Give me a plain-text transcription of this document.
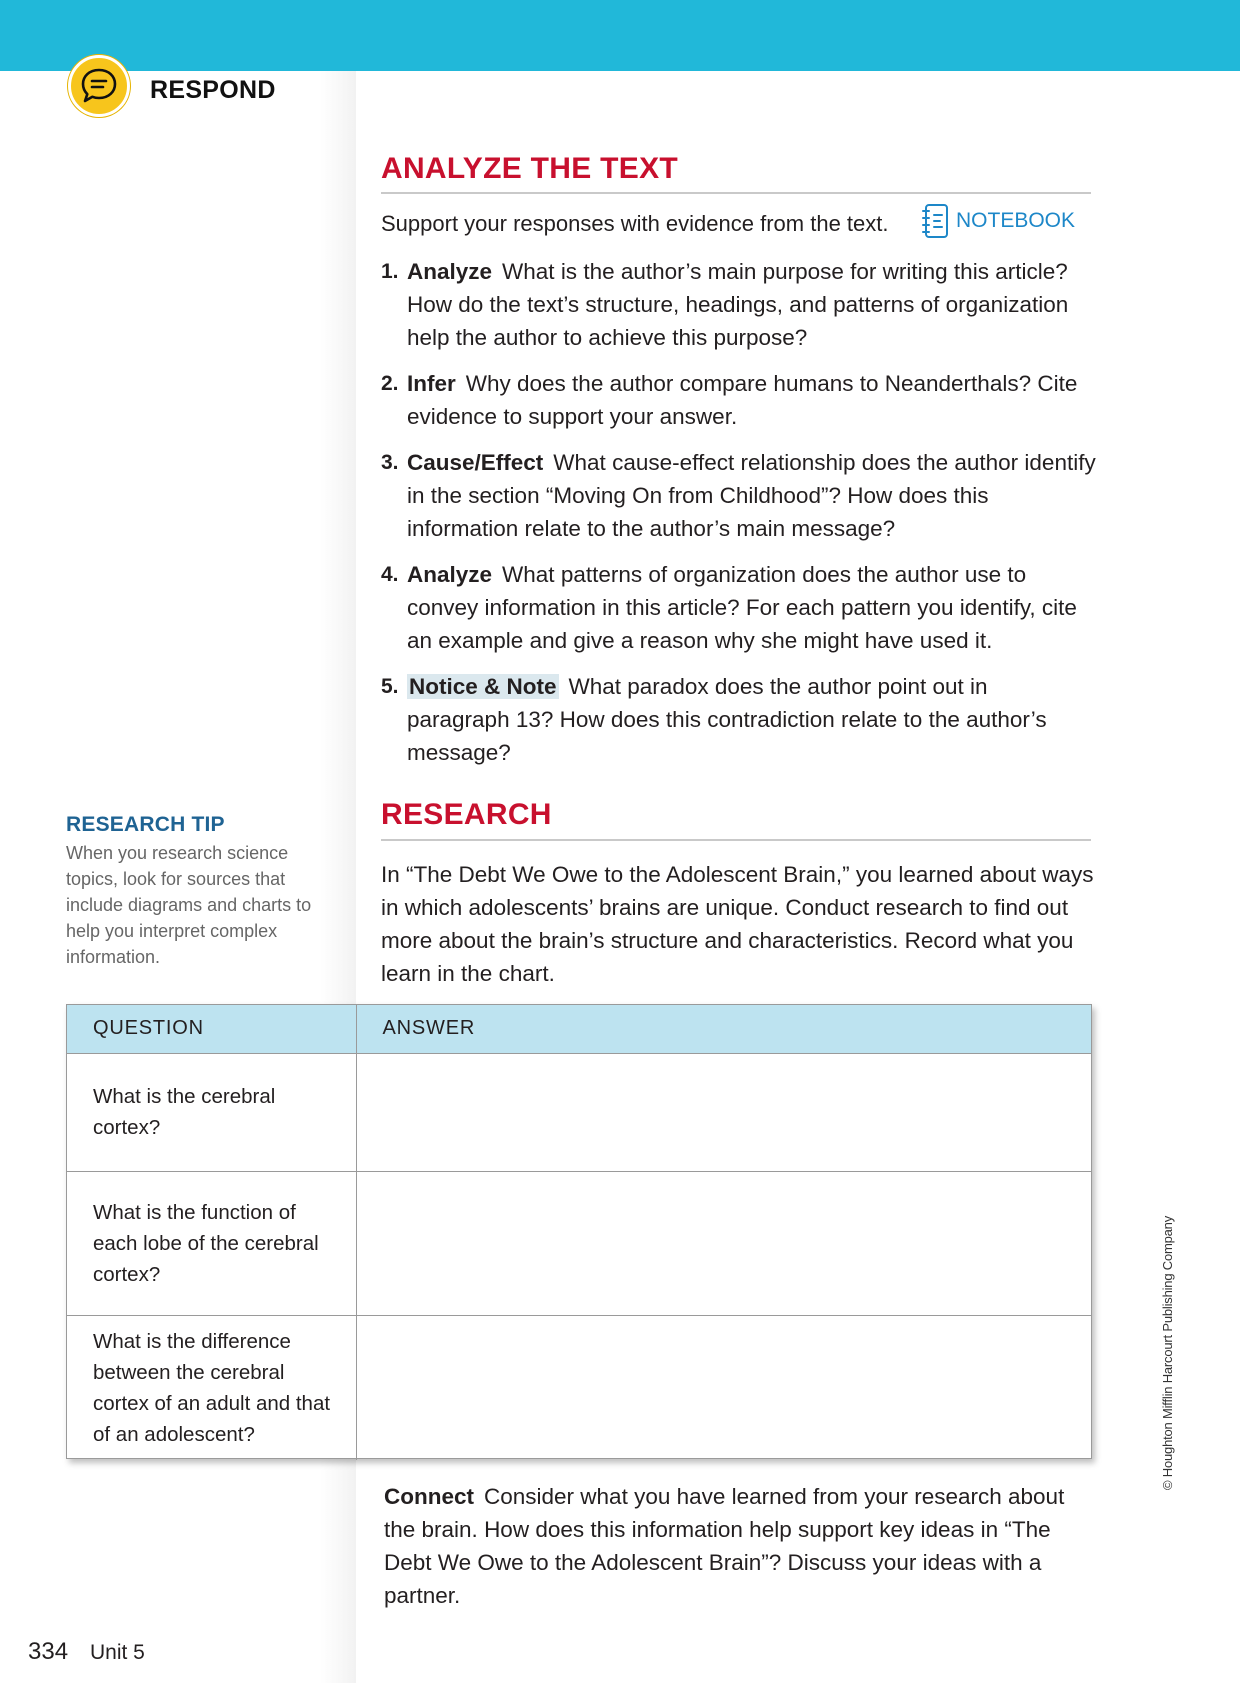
RESPOND
ANALYZE THE TEXT

Support your responses with evidence from the text.	NOTEBOOK
1. Analyze What is the author’s main purpose for writing this article? How do the text’s structure, headings, and patterns of organization help the author to achieve this purpose?
2. Infer Why does the author compare humans to Neanderthals? Cite evidence to support your answer.
3. Cause/Effect What cause-effect relationship does the author identify in the section “Moving On from Childhood”? How does this information relate to the author’s main message?
4. Analyze What patterns of organization does the author use to convey information in this article? For each pattern you identify, cite an example and give a reason why she might have used it.
5. Notice & Note What paradox does the author point out in paragraph 13? How does this contradiction relate to the author’s message?
RESEARCH TIP

When you research science topics, look for sources that include diagrams and charts to help you interpret complex information.

RESEARCH

In “The Debt We Owe to the Adolescent Brain,” you learned about ways in which adolescents’ brains are unique. Conduct research to find out more about the brain’s structure and characteristics. Record what you learn in the chart.

QUESTION	ANSWER
What is the cerebral cortex?	
What is the function of each lobe of the cerebral cortex?	
What is the difference between the cerebral cortex of an adult and that of an adolescent?	

Connect Consider what you have learned from your research about the brain. How does this information help support key ideas in “The Debt We Owe to the Adolescent Brain”? Discuss your ideas with a partner.

334 Unit 5
© Houghton Mifflin Harcourt Publishing Company
